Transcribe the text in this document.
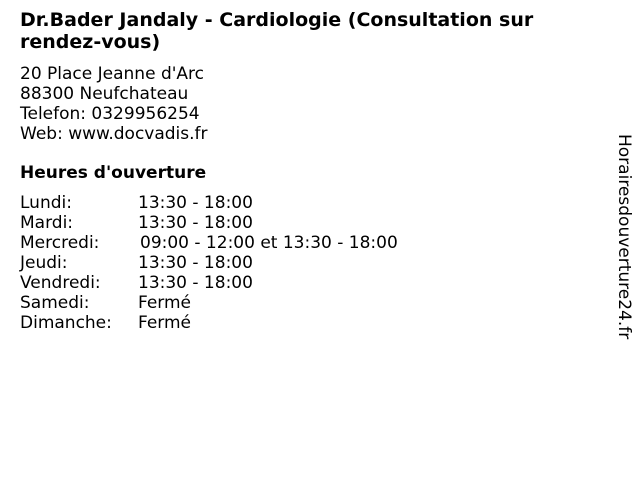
Dr.Bader Jandaly - Cardiologie (Consultation sur rendez-vous)
20 Place Jeanne d'Arc
88300 Neufchateau
Telefon: 0329956254
Web: www.docvadis.fr
Heures d'ouverture
Lundi:	13:30 - 18:00
Mardi:	13:30 - 18:00
Mercredi: 09:00 - 12:00 et 13:30 - 18:00
Jeudi:	13:30 - 18:00
Vendredi: 13:30 - 18:00
Samedi:	Fermé
Dimanche: Fermé	Horairesdouverture24.fr
